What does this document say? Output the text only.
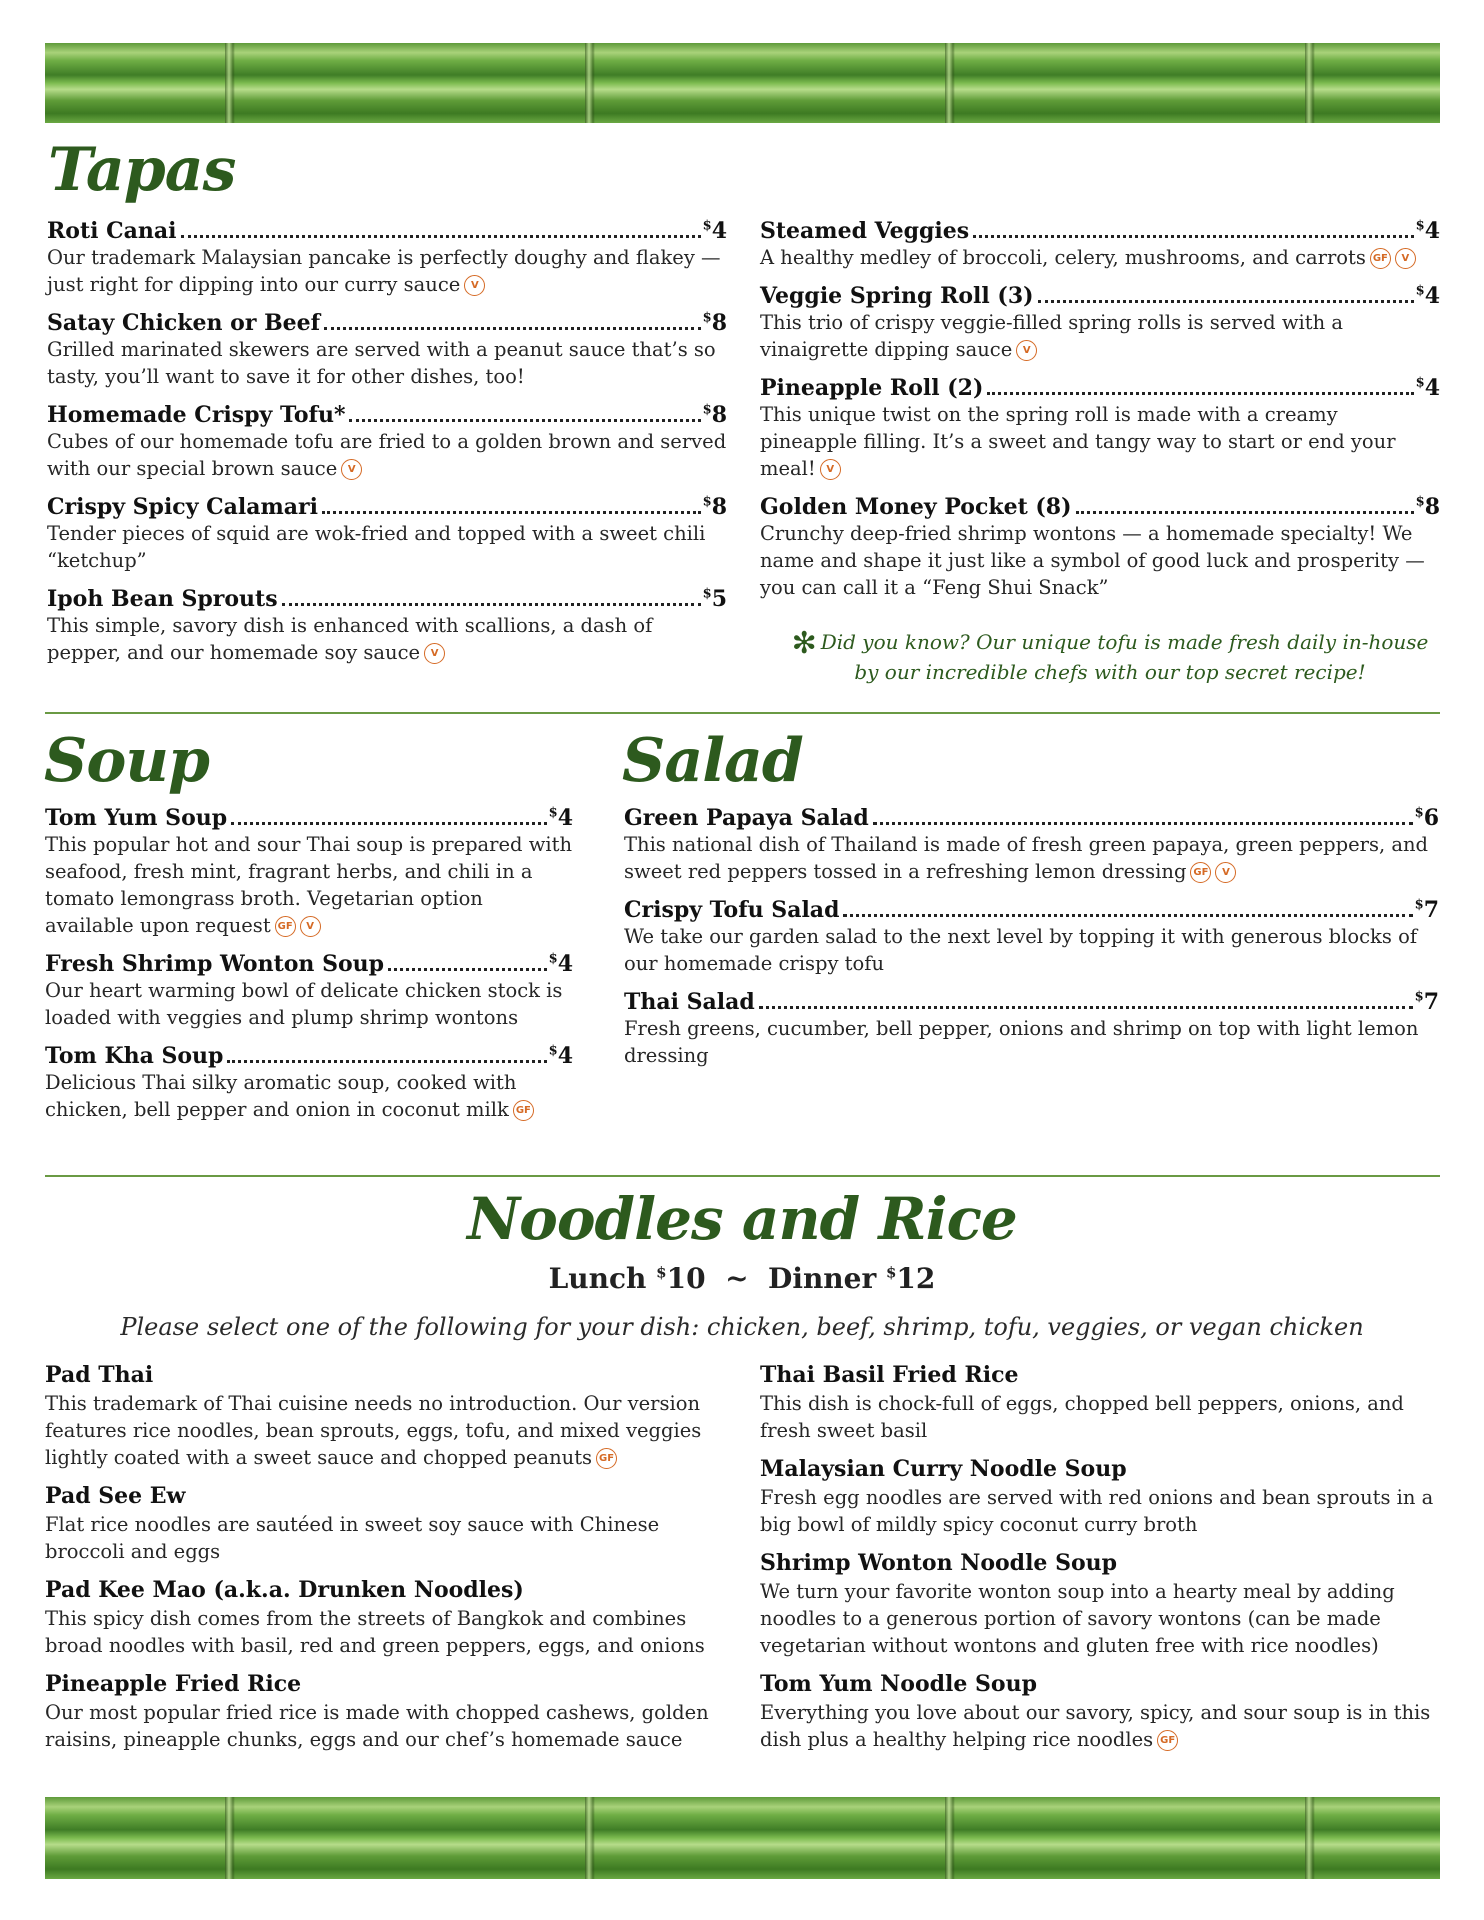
Tapas
Roti Canai	$4
Our trademark Malaysian pancake is perfectly doughy and flakey — just right for dipping into our curry sauce V
Satay Chicken or Beef	$8
Grilled marinated skewers are served with a peanut sauce that’s so tasty, you’ll want to save it for other dishes, too!
Homemade Crispy Tofu*	$8
Cubes of our homemade tofu are fried to a golden brown and served with our special brown sauce V
Crispy Spicy Calamari	$8
Tender pieces of squid are wok-fried and topped with a sweet chili “ketchup”
Ipoh Bean Sprouts	$5
This simple, savory dish is enhanced with scallions, a dash of pepper, and our homemade soy sauce V
Steamed Veggies	$4
A healthy medley of broccoli, celery, mushrooms, and carrots GF V
Veggie Spring Roll (3)	$4
This trio of crispy veggie-filled spring rolls is served with a vinaigrette dipping sauce V
Pineapple Roll (2)	$4
This unique twist on the spring roll is made with a creamy pineapple filling. It’s a sweet and tangy way to start or end your meal! V
Golden Money Pocket (8)	$8
Crunchy deep-fried shrimp wontons — a homemade specialty! We name and shape it just like a symbol of good luck and prosperity — you can call it a “Feng Shui Snack”
✻ Did you know? Our unique tofu is made fresh daily in-house by our incredible chefs with our top secret recipe!
Soup	Salad
Tom Yum Soup	$4
This popular hot and sour Thai soup is prepared with seafood, fresh mint, fragrant herbs, and chili in a tomato lemongrass broth. Vegetarian option available upon request GF V
Fresh Shrimp Wonton Soup	$4
Our heart warming bowl of delicate chicken stock is loaded with veggies and plump shrimp wontons
Tom Kha Soup	$4
Delicious Thai silky aromatic soup, cooked with chicken, bell pepper and onion in coconut milk GF
Green Papaya Salad	$6
This national dish of Thailand is made of fresh green papaya, green peppers, and sweet red peppers tossed in a refreshing lemon dressing GF V
Crispy Tofu Salad	$7
We take our garden salad to the next level by topping it with generous blocks of our homemade crispy tofu
Thai Salad	$7
Fresh greens, cucumber, bell pepper, onions and shrimp on top with light lemon dressing
Noodles and Rice
Lunch $10 ~ Dinner $12
Please select one of the following for your dish: chicken, beef, shrimp, tofu, veggies, or vegan chicken
Pad Thai
This trademark of Thai cuisine needs no introduction. Our version features rice noodles, bean sprouts, eggs, tofu, and mixed veggies lightly coated with a sweet sauce and chopped peanuts GF
Pad See Ew
Flat rice noodles are sautéed in sweet soy sauce with Chinese broccoli and eggs
Pad Kee Mao (a.k.a. Drunken Noodles)
This spicy dish comes from the streets of Bangkok and combines broad noodles with basil, red and green peppers, eggs, and onions
Pineapple Fried Rice
Our most popular fried rice is made with chopped cashews, golden raisins, pineapple chunks, eggs and our chef’s homemade sauce
Thai Basil Fried Rice
This dish is chock-full of eggs, chopped bell peppers, onions, and fresh sweet basil
Malaysian Curry Noodle Soup
Fresh egg noodles are served with red onions and bean sprouts in a big bowl of mildly spicy coconut curry broth
Shrimp Wonton Noodle Soup
We turn your favorite wonton soup into a hearty meal by adding noodles to a generous portion of savory wontons (can be made vegetarian without wontons and gluten free with rice noodles)
Tom Yum Noodle Soup
Everything you love about our savory, spicy, and sour soup is in this dish plus a healthy helping rice noodles GF
